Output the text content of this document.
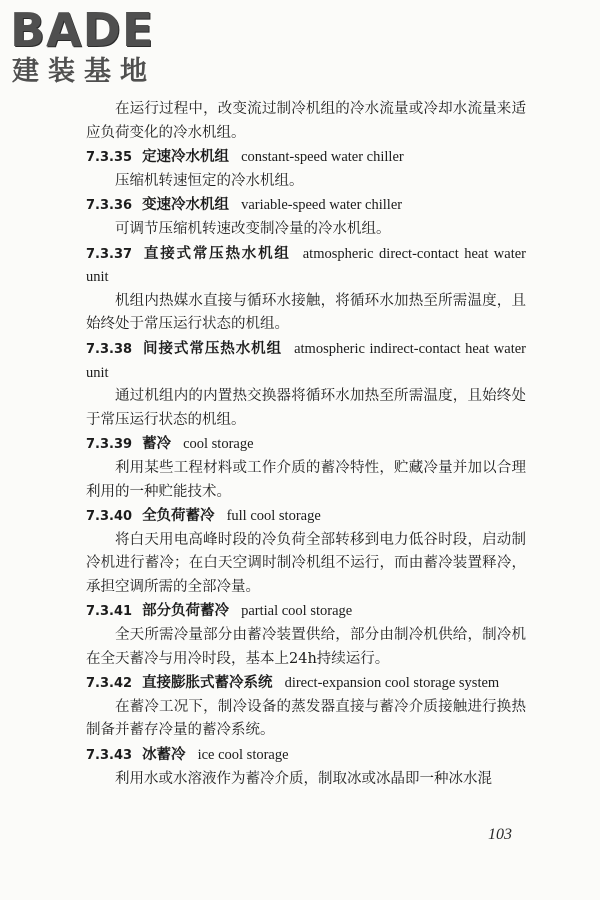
BADE
建装基地

在运行过程中，改变流过制冷机组的冷水流量或冷却水流量来适应负荷变化的冷水机组。

7.3.35 定速冷水机组 constant-speed water chiller

压缩机转速恒定的冷水机组。

7.3.36 变速冷水机组 variable-speed water chiller

可调节压缩机转速改变制冷量的冷水机组。

7.3.37 直接式常压热水机组 atmospheric direct-contact heat water unit

机组内热媒水直接与循环水接触，将循环水加热至所需温度，且始终处于常压运行状态的机组。

7.3.38 间接式常压热水机组 atmospheric indirect-contact heat water unit

通过机组内的内置热交换器将循环水加热至所需温度，且始终处于常压运行状态的机组。

7.3.39 蓄冷 cool storage

利用某些工程材料或工作介质的蓄冷特性，贮藏冷量并加以合理利用的一种贮能技术。

7.3.40 全负荷蓄冷 full cool storage

将白天用电高峰时段的冷负荷全部转移到电力低谷时段，启动制冷机进行蓄冷；在白天空调时制冷机组不运行，而由蓄冷装置释冷，承担空调所需的全部冷量。

7.3.41 部分负荷蓄冷 partial cool storage

全天所需冷量部分由蓄冷装置供给，部分由制冷机供给，制冷机在全天蓄冷与用冷时段，基本上24h持续运行。

7.3.42 直接膨胀式蓄冷系统 direct-expansion cool storage system

在蓄冷工况下，制冷设备的蒸发器直接与蓄冷介质接触进行换热制备并蓄存冷量的蓄冷系统。

7.3.43 冰蓄冷 ice cool storage

利用水或水溶液作为蓄冷介质，制取冰或冰晶即一种冰水混

103
